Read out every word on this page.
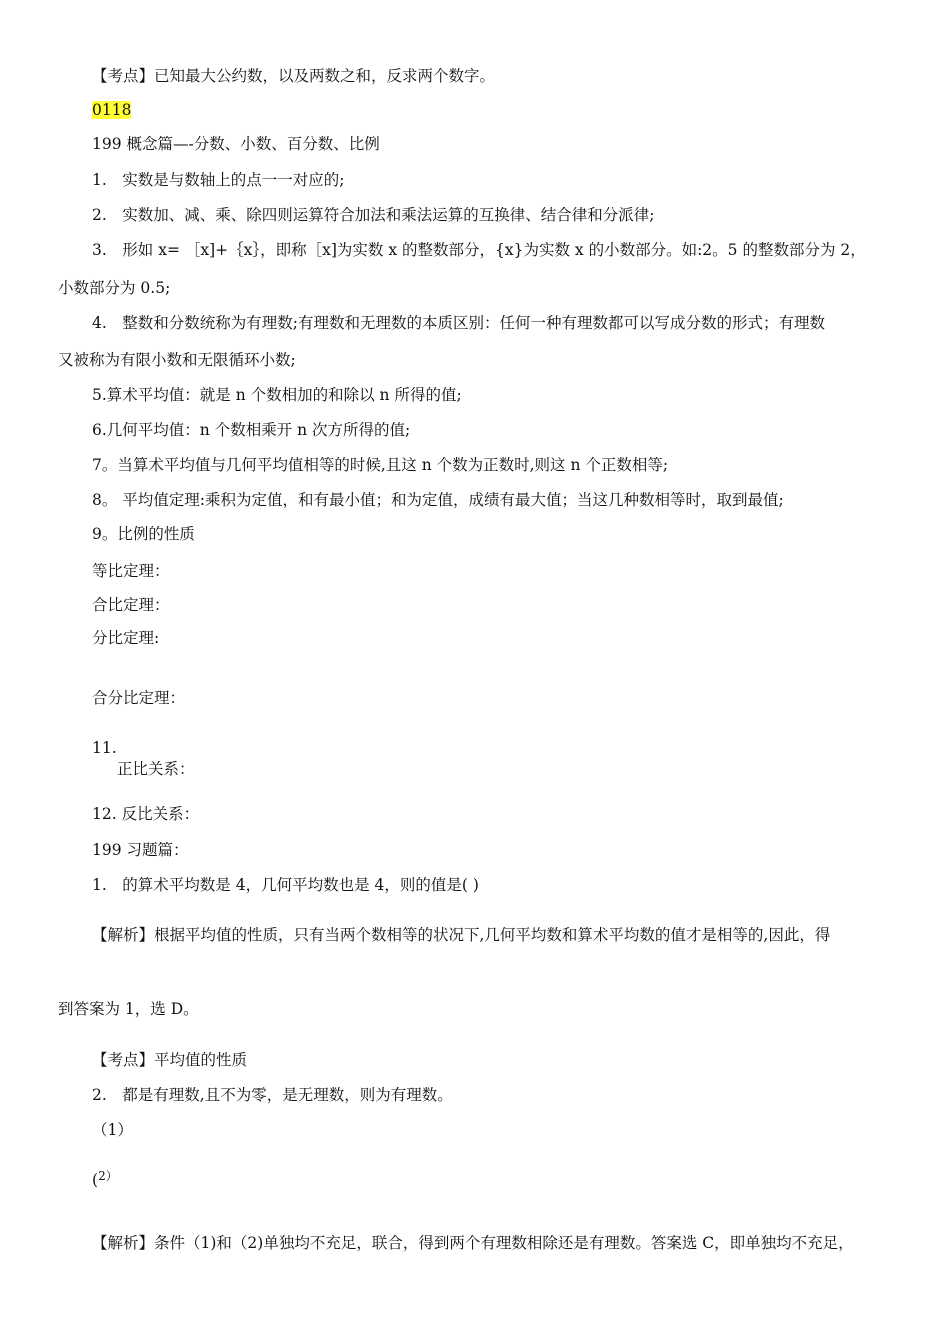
【考点】已知最大公约数，以及两数之和，反求两个数字。
0118
199 概念篇—-分数、小数、百分数、比例
1.　实数是与数轴上的点一一对应的;
2.　实数加、减、乘、除四则运算符合加法和乘法运算的互换律、结合律和分派律;
3.　形如 x= ［x]+｛x｝，即称［x]为实数 x 的整数部分，{x}为实数 x 的小数部分。如:2。5 的整数部分为 2，
小数部分为 0.5;
4.　整数和分数统称为有理数;有理数和无理数的本质区别：任何一种有理数都可以写成分数的形式；有理数
又被称为有限小数和无限循环小数;
5.算术平均值：就是 n 个数相加的和除以 n 所得的值;
6.几何平均值：n 个数相乘开 n 次方所得的值;
7。当算术平均值与几何平均值相等的时候,且这 n 个数为正数时,则这 n 个正数相等;
8。 平均值定理:乘积为定值，和有最小值；和为定值，成绩有最大值；当这几种数相等时，取到最值;
9。比例的性质
等比定理：
合比定理：
分比定理:
合分比定理：
11.
正比关系：
12. 反比关系：
199 习题篇：
1.　的算术平均数是 4，几何平均数也是 4，则的值是( )
【解析】根据平均值的性质，只有当两个数相等的状况下,几何平均数和算术平均数的值才是相等的,因此，得
到答案为 1，选 D。
【考点】平均值的性质
2.　都是有理数,且不为零，是无理数，则为有理数。
（1）
($^{2)}$
【解析】条件（1)和（2)单独均不充足，联合，得到两个有理数相除还是有理数。答案选 C，即单独均不充足，
